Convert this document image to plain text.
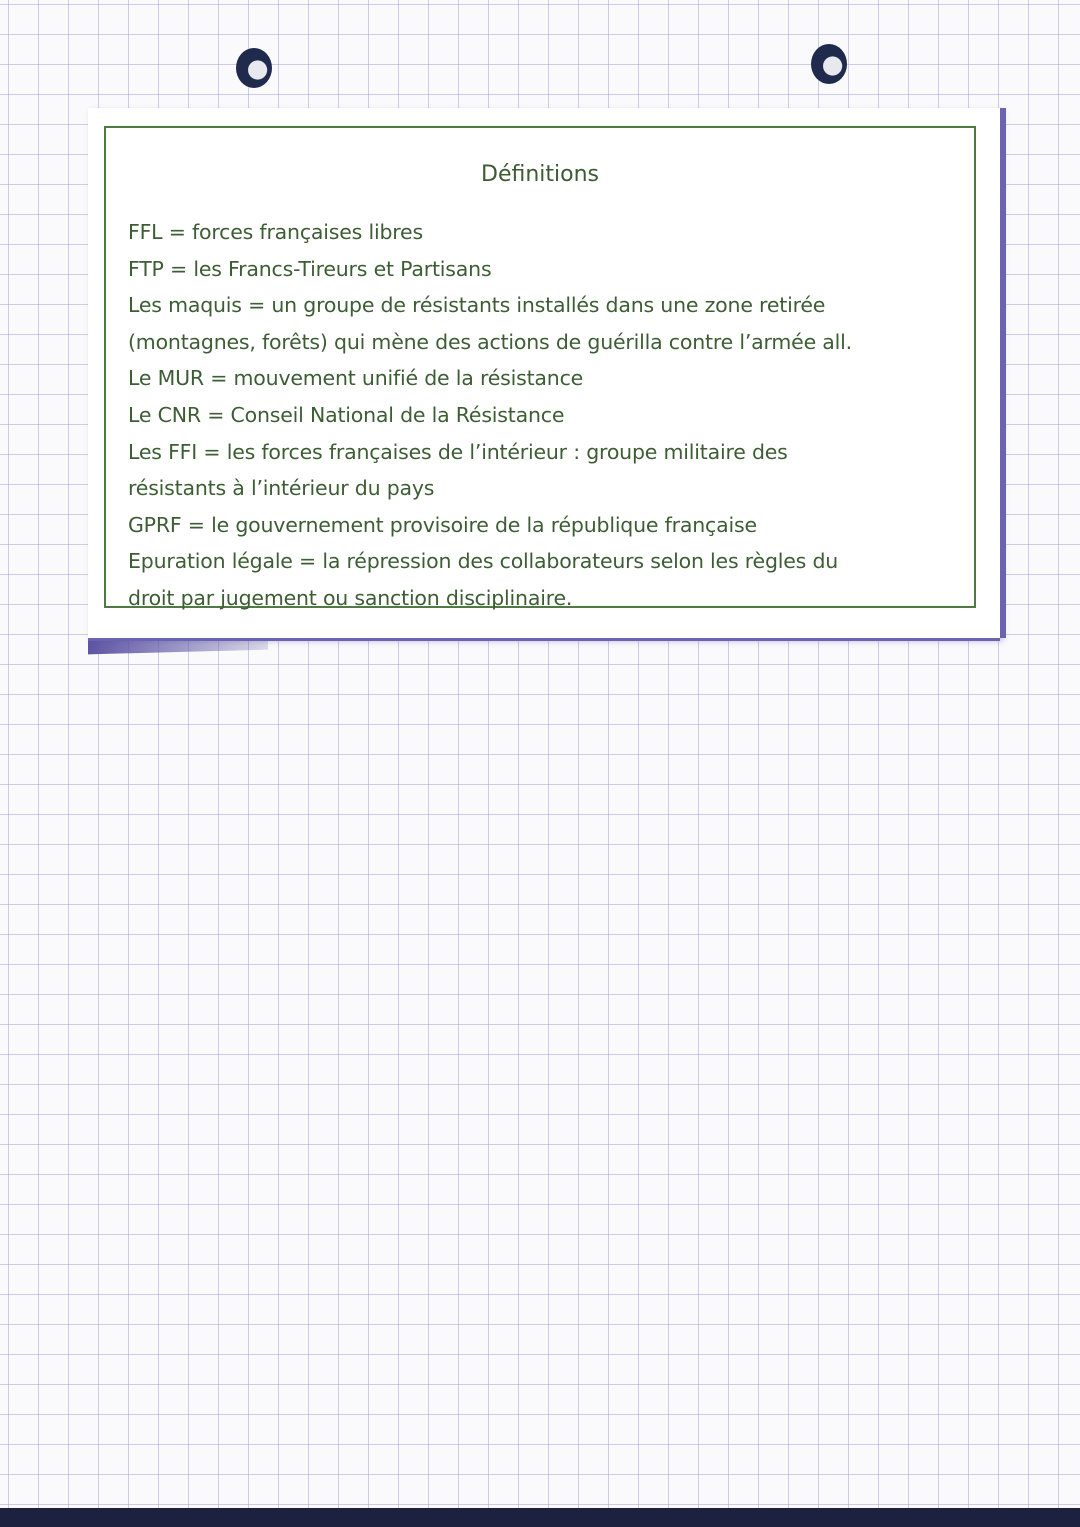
Définitions
FFL = forces françaises libres
FTP = les Francs-Tireurs et Partisans
Les maquis = un groupe de résistants installés dans une zone retirée
(montagnes, forêts) qui mène des actions de guérilla contre l’armée all.
Le MUR = mouvement unifié de la résistance
Le CNR = Conseil National de la Résistance
Les FFI = les forces françaises de l’intérieur : groupe militaire des
résistants à l’intérieur du pays
GPRF = le gouvernement provisoire de la république française
Epuration légale = la répression des collaborateurs selon les règles du
droit par jugement ou sanction disciplinaire.
